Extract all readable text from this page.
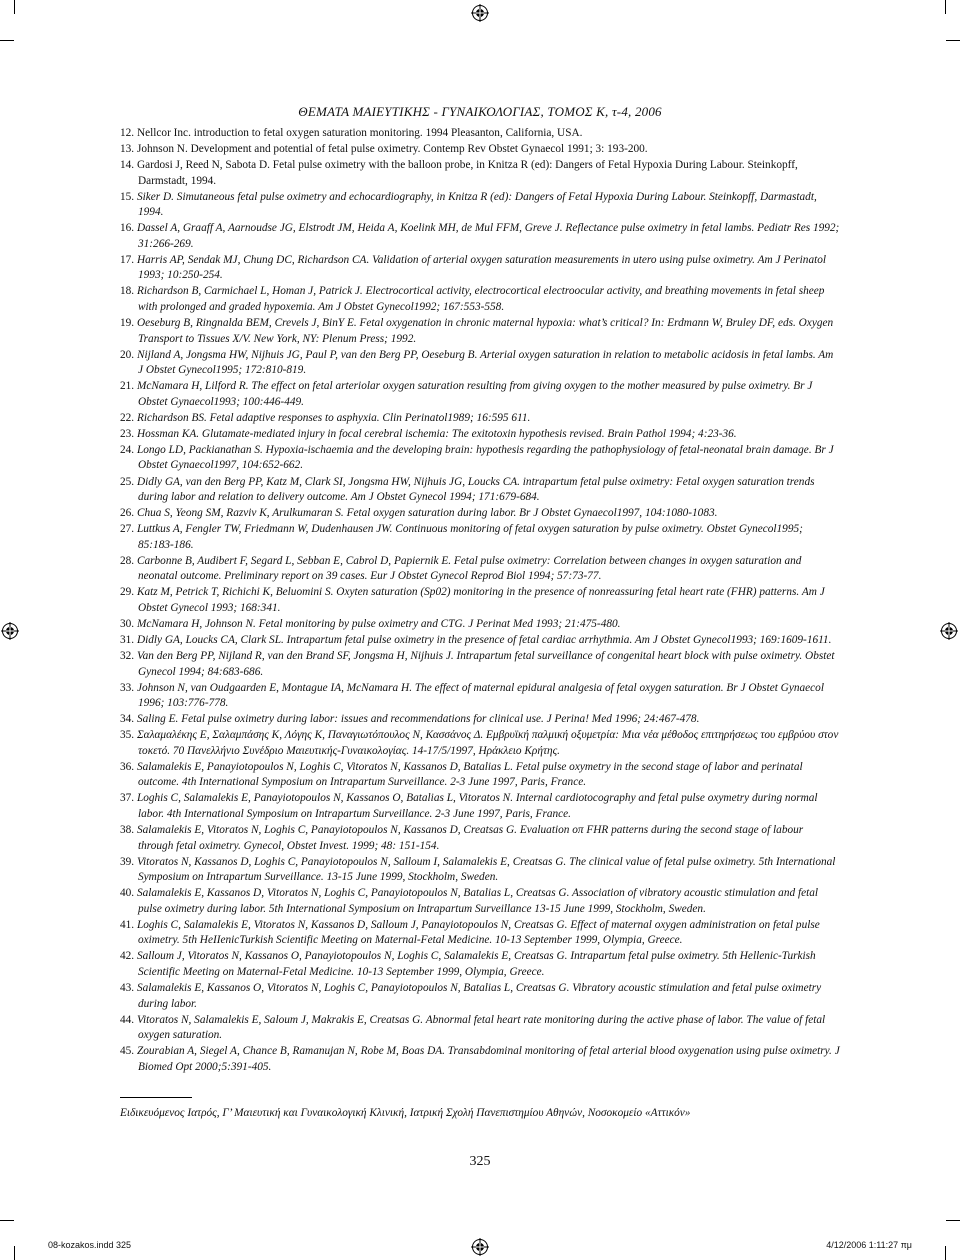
ΘΕΜΑΤΑ ΜΑΙΕΥΤΙΚΗΣ - ΓΥΝΑΙΚΟΛΟΓΙΑΣ, ΤΟΜΟΣ Κ, τ-4, 2006
12. Nellcor Inc. introduction to fetal oxygen saturation monitoring. 1994 Pleasanton, California, USA.
13. Johnson N. Development and potential of fetal pulse oximetry. Contemp Rev Obstet Gynaecol 1991; 3: 193-200.
14. Gardosi J, Reed N, Sabota D. Fetal pulse oximetry with the balloon probe, in Knitza R (ed): Dangers of Fetal Hypoxia During Labour. Steinkopff, Darmstadt, 1994.
15. Siker D. Simutaneous fetal pulse oximetry and echocardiography, in Knitza R (ed): Dangers of Fetal Hypoxia During Labour. Steinkopff, Darmastadt, 1994.
16. Dassel A, Graaff A, Aarnoudse JG, Elstrodt JM, Heida A, Koelink MH, de Mul FFM, Greve J. Reflectance pulse oximetry in fetal lambs. Pediatr Res 1992; 31:266-269.
17. Harris AP, Sendak MJ, Chung DC, Richardson CA. Validation of arterial oxygen saturation measurements in utero using pulse oximetry. Am J Perinatol 1993; 10:250-254.
18. Richardson B, Carmichael L, Homan J, Patrick J. Electrocortical activity, electrocortical electroocular activity, and breathing movements in fetal sheep with prolonged and graded hypoxemia. Am J Obstet Gynecol1992; 167:553-558.
19. Oeseburg B, Ringnalda BEM, Crevels J, BinY E. Fetal oxygenation in chronic maternal hypoxia: what’s critical? In: Erdmann W, Bruley DF, eds. Oxygen Transport to Tissues X/V. New York, NY: Plenum Press; 1992.
20. Nijland A, Jongsma HW, Nijhuis JG, Paul P, van den Berg PP, Oeseburg B. Arterial oxygen saturation in relation to metabolic acidosis in fetal lambs. Am J Obstet Gynecol1995; 172:810-819.
21. McNamara H, Lilford R. The effect on fetal arteriolar oxygen saturation resulting from giving oxygen to the mother measured by pulse oximetry. Br J Obstet Gynaecol1993; 100:446-449.
22. Richardson BS. Fetal adaptive responses to asphyxia. Clin Perinatol1989; 16:595 611.
23. Hossman KA. Glutamate-mediated injury in focal cerebral ischemia: The exitotoxin hypothesis revised. Brain Pathol 1994; 4:23-36.
24. Longo LD, Packianathan S. Hypoxia-ischaemia and the developing brain: hypothesis regarding the pathophysiology of fetal-neonatal brain damage. Br J Obstet Gynaecol1997, 104:652-662.
25. Didly GA, van den Berg PP, Katz M, Clark SI, Jongsma HW, Nijhuis JG, Loucks CA. intrapartum fetal pulse oximetry: Fetal oxygen saturation trends during labor and relation to delivery outcome. Am J Obstet Gynecol 1994; 171:679-684.
26. Chua S, Yeong SM, Razviv K, Arulkumaran S. Fetal oxygen saturation during labor. Br J Obstet Gynaecol1997, 104:1080-1083.
27. Luttkus A, Fengler TW, Friedmann W, Dudenhausen JW. Continuous monitoring of fetal oxygen saturation by pulse oximetry. Obstet Gynecol1995; 85:183-186.
28. Carbonne B, Audibert F, Segard L, Sebban E, Cabrol D, Papiernik E. Fetal pulse oximetry: Correlation between changes in oxygen saturation and neonatal outcome. Preliminary report on 39 cases. Eur J Obstet Gynecol Reprod Biol 1994; 57:73-77.
29. Katz M, Petrick T, Richichi K, Beluomini S. Oxyten saturation (Sp02) monitoring in the presence of nonreassuring fetal heart rate (FHR) patterns. Am J Obstet Gynecol 1993; 168:341.
30. McNamara H, Johnson N. Fetal monitoring by pulse oximetry and CTG. J Perinat Med 1993; 21:475-480.
31. Didly GA, Loucks CA, Clark SL. Intrapartum fetal pulse oximetry in the presence of fetal cardiac arrhythmia. Am J Obstet Gynecol1993; 169:1609-1611.
32. Van den Berg PP, Nijland R, van den Brand SF, Jongsma H, Nijhuis J. Intrapartum fetal surveillance of congenital heart block with pulse oximetry. Obstet Gynecol 1994; 84:683-686.
33. Johnson N, van Oudgaarden E, Montague IA, McNamara H. The effect of maternal epidural analgesia of fetal oxygen saturation. Br J Obstet Gynaecol 1996; 103:776-778.
34. Saling E. Fetal pulse oximetry during labor: issues and recommendations for clinical use. J Perina! Med 1996; 24:467-478.
35. Σαλαμαλέκης Ε, Σαλαμπάσης Κ, Λόγης Κ, Παναγιωτόπουλος Ν, Κασσάνος Δ. Εμβρυϊκή παλμική οξυμετρία: Μια νέα μέθοδος επιτηρήσεως του εμβρύου στον τοκετό. 70 Πανελλήνιο Συνέδριο Μαιευτικής-Γυναικολογίας. 14-17/5/1997, Ηράκλειο Κρήτης.
36. Salamalekis E, Panayiotopoulos N, Loghis C, Vitoratos N, Kassanos D, Batalias L. Fetal pulse oxymetry in the second stage of labor and perinatal outcome. 4th International Symposium on Intrapartum Surveillance. 2-3 June 1997, Paris, France.
37. Loghis C, Salamalekis E, Panayiotopoulos N, Kassanos O, Batalias L, Vitoratos N. Internal cardiotocography and fetal pulse oxymetry during normal labor. 4th International Symposium on Intrapartum Surveillance. 2-3 June 1997, Paris, France.
38. Salamalekis E, Vitoratos N, Loghis C, Panayiotopoulos N, Kassanos D, Creatsas G. Evaluation oπ FHR patterns during the second stage of labour through fetal oximetry. Gynecol, Obstet Invest. 1999; 48: 151-154.
39. Vitoratos N, Kassanos D, Loghis C, Panayiotopoulos N, Salloum I, Salamalekis E, Creatsas G. The clinical value of fetal pulse oximetry. 5th International Symposium on Intrapartum Surveillance. 13-15 June 1999, Stockholm, Sweden.
40. Salamalekis E, Kassanos D, Vitoratos N, Loghis C, Panayiotopoulos N, Batalias L, Creatsas G. Association of vibratory acoustic stimulation and fetal pulse oximetry during labor. 5th International Symposium on Intrapartum Surveillance 13-15 June 1999, Stockholm, Sweden.
41. Loghis C, Salamalekis E, Vitoratos N, Kassanos D, Salloum J, Panayiotopoulos N, Creatsas G. Effect of maternal oxygen administration on fetal pulse oximetry. 5th HeIIenicTurkish Scientific Meeting on Maternal-Fetal Medicine. 10-13 September 1999, Olympia, Greece.
42. Salloum J, Vitoratos N, Kassanos O, Panayiotopoulos N, Loghis C, Salamalekis E, Creatsas G. Intrapartum fetal pulse oximetry. 5th Hellenic-Turkish Scientific Meeting on Maternal-Fetal Medicine. 10-13 September 1999, Olympia, Greece.
43. Salamalekis E, Kassanos O, Vitoratos N, Loghis C, Panayiotopoulos N, Batalias L, Creatsas G. Vibratory acoustic stimulation and fetal pulse oximetry during labor.
44. Vitoratos N, Salamalekis E, Saloum J, Makrakis E, Creatsas G. Abnormal fetal heart rate monitoring during the active phase of labor. The value of fetal oxygen saturation.
45. Zourabian A, Siegel A, Chance B, Ramanujan N, Robe M, Boas DA. Transabdominal monitoring of fetal arterial blood oxygenation using pulse oximetry. J Biomed Opt 2000;5:391-405.
Ειδικευόμενος Ιατρός, Γ’ Μαιευτική και Γυναικολογική Κλινική, Ιατρική Σχολή Πανεπιστημίου Αθηνών, Νοσοκομείο «Αττικόν»
325
08-kozakos.indd 325	4/12/2006 1:11:27 πμ
